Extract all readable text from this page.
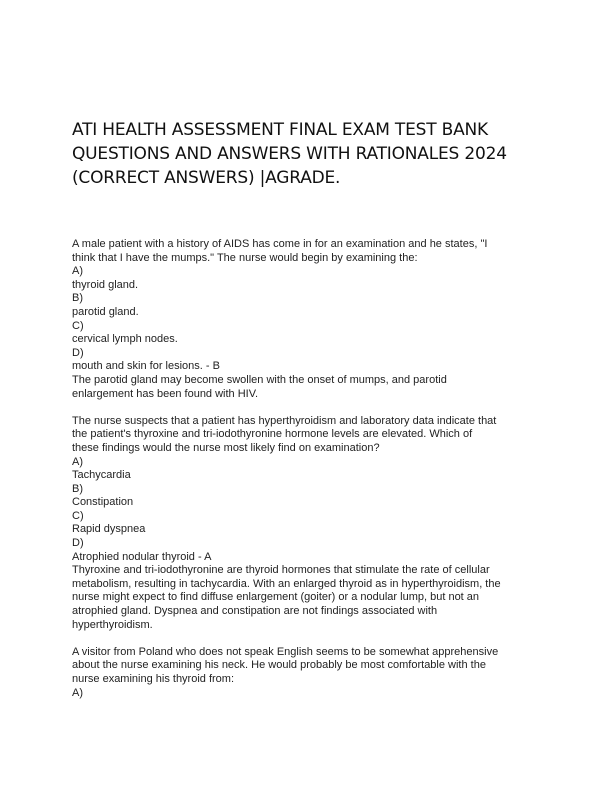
ATI HEALTH ASSESSMENT FINAL EXAM TEST BANK
QUESTIONS AND ANSWERS WITH RATIONALES 2024
(CORRECT ANSWERS) |AGRADE.
A male patient with a history of AIDS has come in for an examination and he states, "I
think that I have the mumps." The nurse would begin by examining the:
A)
thyroid gland.
B)
parotid gland.
C)
cervical lymph nodes.
D)
mouth and skin for lesions. - B
The parotid gland may become swollen with the onset of mumps, and parotid
enlargement has been found with HIV.
The nurse suspects that a patient has hyperthyroidism and laboratory data indicate that
the patient's thyroxine and tri-iodothyronine hormone levels are elevated. Which of
these findings would the nurse most likely find on examination?
A)
Tachycardia
B)
Constipation
C)
Rapid dyspnea
D)
Atrophied nodular thyroid - A
Thyroxine and tri-iodothyronine are thyroid hormones that stimulate the rate of cellular
metabolism, resulting in tachycardia. With an enlarged thyroid as in hyperthyroidism, the
nurse might expect to find diffuse enlargement (goiter) or a nodular lump, but not an
atrophied gland. Dyspnea and constipation are not findings associated with
hyperthyroidism.
A visitor from Poland who does not speak English seems to be somewhat apprehensive
about the nurse examining his neck. He would probably be most comfortable with the
nurse examining his thyroid from:
A)
